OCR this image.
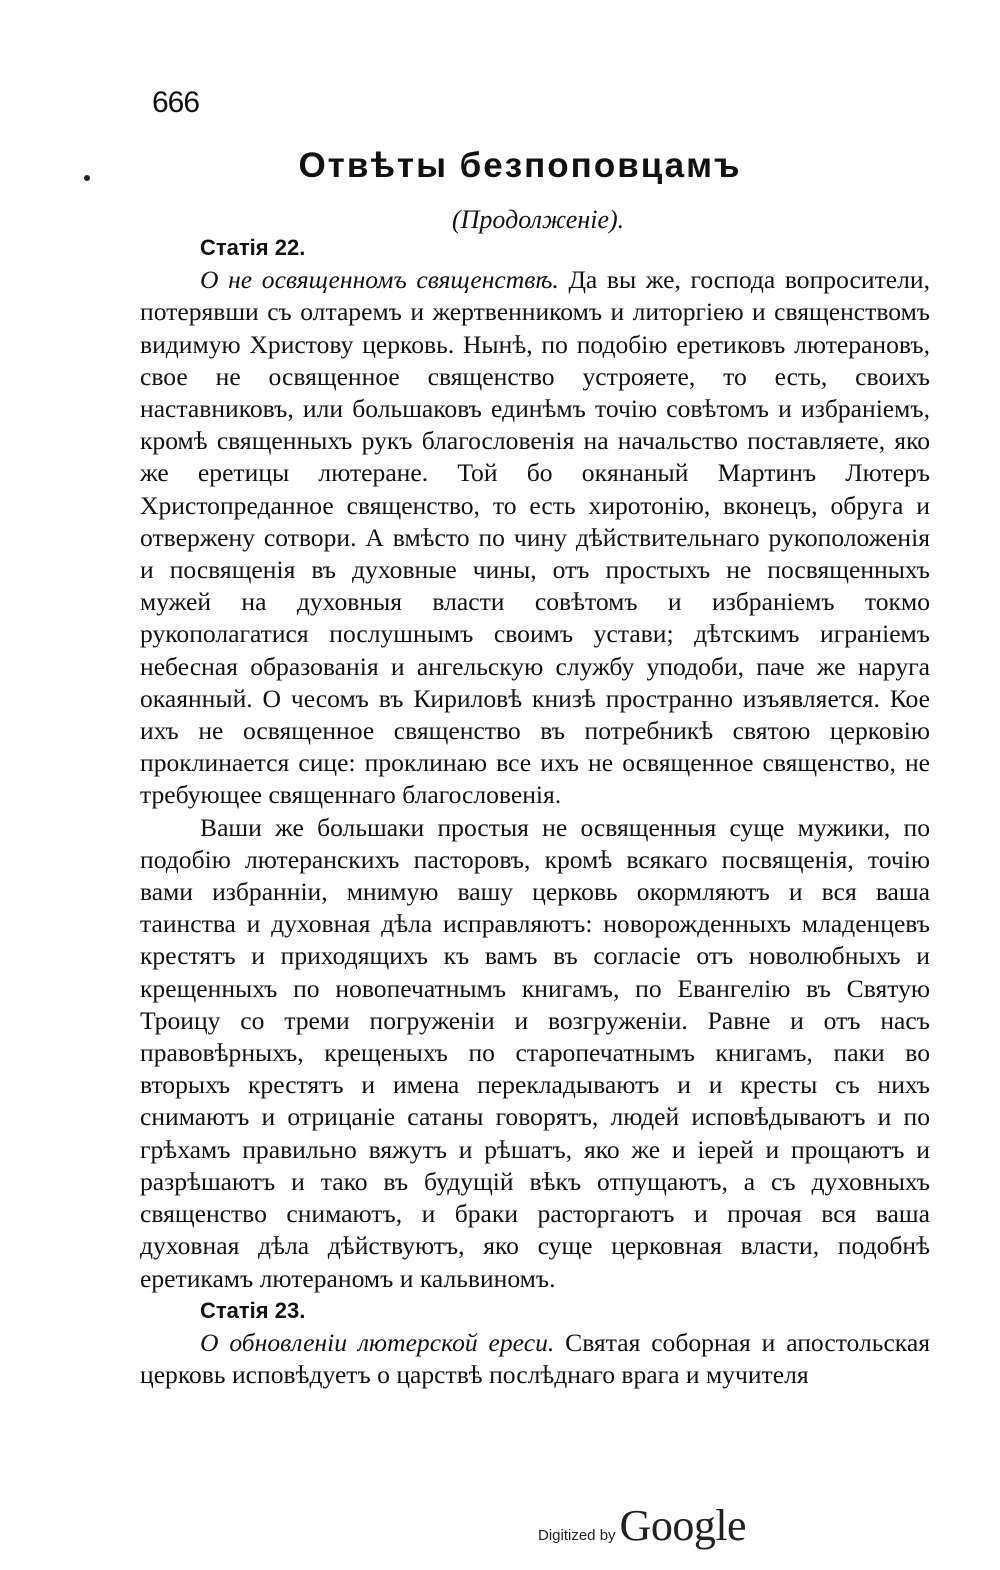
666
Отвѣты безпоповцамъ
(Продолженіе).
Статія 22.

О не освященномъ священствѣ. Да вы же, господа вопросители, потерявши съ олтаремъ и жертвенникомъ и литоргіею и священствомъ видимую Христову церковь. Нынѣ, по подобію еретиковъ лютерановъ, свое не освященное священство устрояете, то есть, своихъ наставниковъ, или большаковъ единѣмъ точію совѣтомъ и избраніемъ, кромѣ священныхъ рукъ благословенія на начальство поставляете, яко же еретицы лютеране. Той бо окянаный Мартинъ Лютеръ Христопреданное священство, то есть хиротонію, вконецъ, обруга и отвержену сотвори. А вмѣсто по чину дѣйствительнаго рукоположенія и посвященія въ духовные чины, отъ простыхъ не посвященныхъ мужей на духовныя власти совѣтомъ и избраніемъ токмо рукополагатися послушнымъ своимъ устави; дѣтскимъ играніемъ небесная образованія и ангельскую службу уподоби, паче же наруга окаянный. О чесомъ въ Кириловѣ книзѣ пространно изъявляется. Кое ихъ не освященное священство въ потребникѣ святою церковію проклинается сице: проклинаю все ихъ не освященное священство, не требующее священнаго благословенія.

Ваши же большаки простыя не освященныя суще мужики, по подобію лютеранскихъ пасторовъ, кромѣ всякаго посвященія, точію вами избранніи, мнимую вашу церковь окормляютъ и вся ваша таинства и духовная дѣла исправляютъ: новорожденныхъ младенцевъ крестятъ и приходящихъ къ вамъ въ согласіе отъ новолюбныхъ и крещенныхъ по новопечатнымъ книгамъ, по Евангелію въ Святую Троицу со треми погруженіи и возгруженіи. Равне и отъ насъ правовѣрныхъ, крещеныхъ по старопечатнымъ книгамъ, паки во вторыхъ крестятъ и имена перекладываютъ и и кресты съ нихъ снимаютъ и отрицаніе сатаны говорятъ, людей исповѣдываютъ и по грѣхамъ правильно вяжутъ и рѣшатъ, яко же и іерей и прощаютъ и разрѣшаютъ и тако въ будущій вѣкъ отпущаютъ, а съ духовныхъ священство снимаютъ, и браки расторгаютъ и прочая вся ваша духовная дѣла дѣйствуютъ, яко суще церковная власти, подобнѣ еретикамъ лютераномъ и кальвиномъ.

Статія 23.

О обновленіи лютерской ереси. Святая соборная и апостольская церковь исповѣдуетъ о царствѣ послѣднаго врага и мучителя

Digitized by Google
